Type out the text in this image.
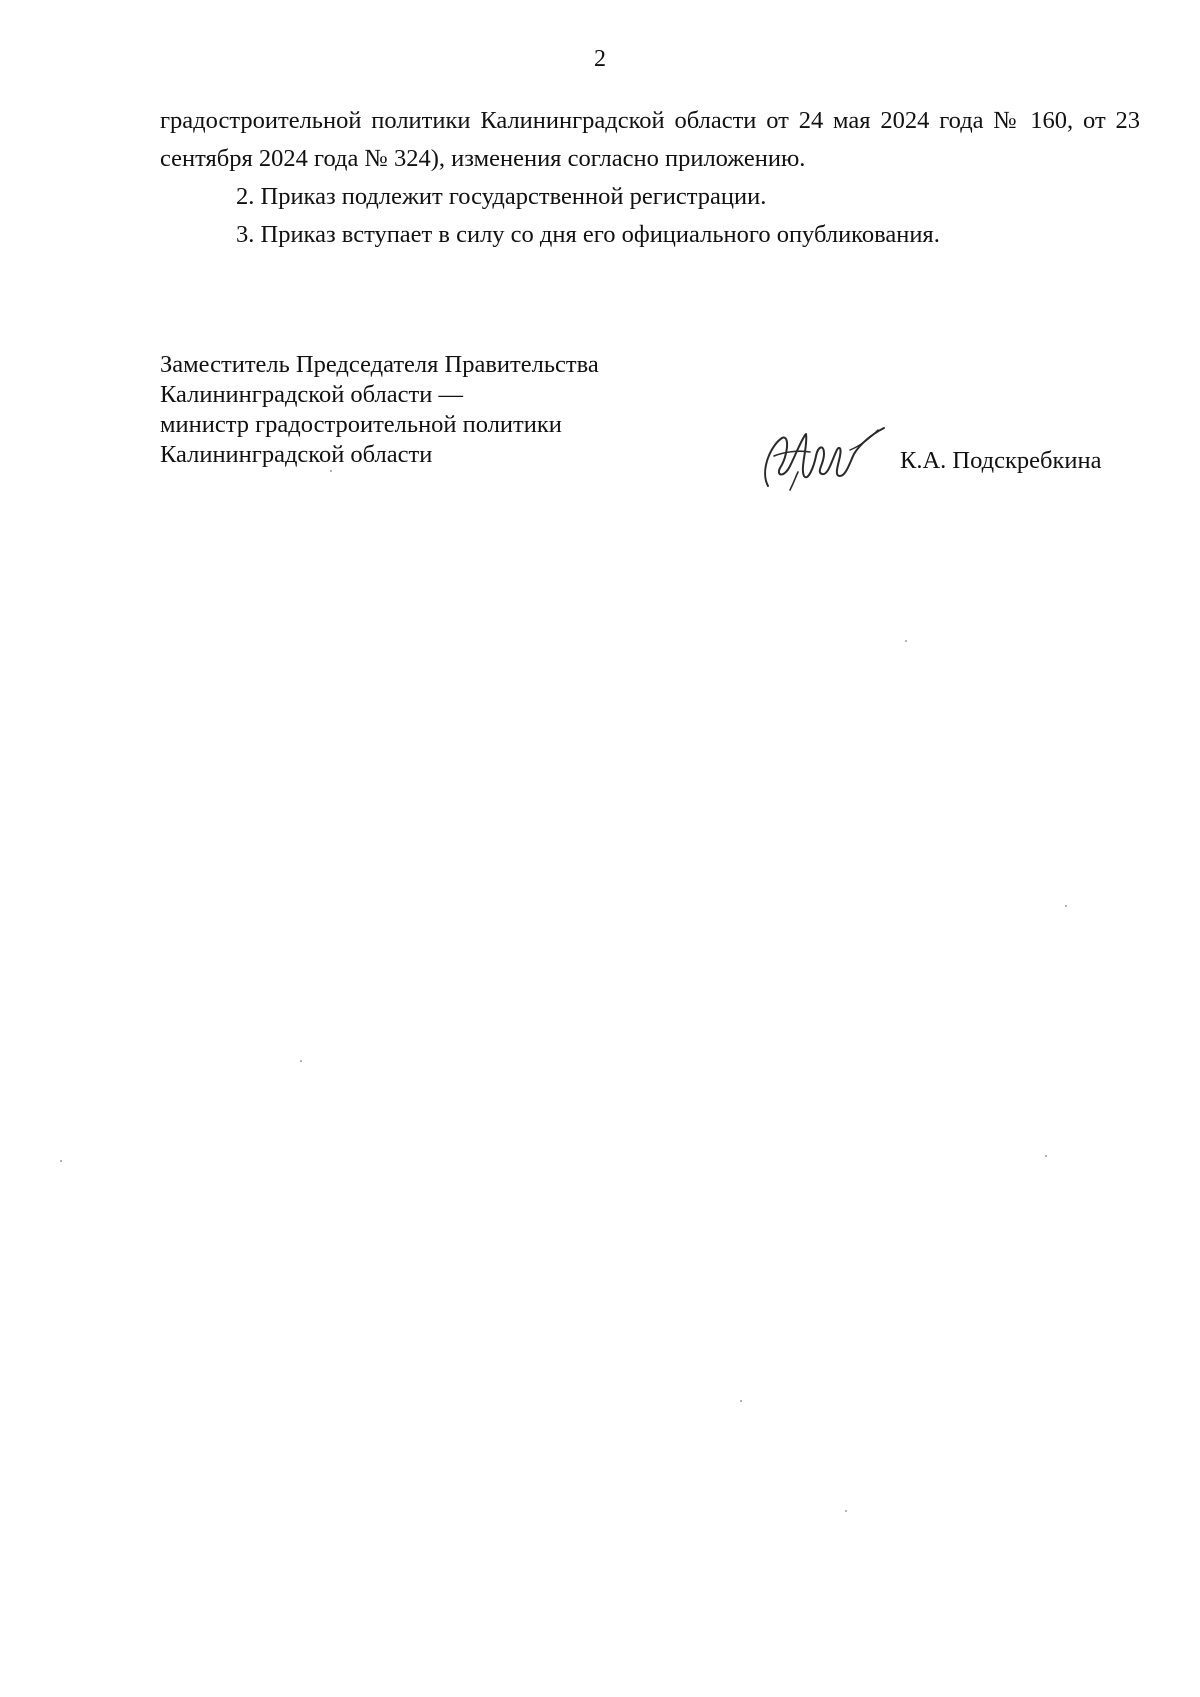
2

градостроительной политики Калининградской области от 24 мая 2024 года № 160, от 23 сентября 2024 года № 324), изменения согласно приложению.

2. Приказ подлежит государственной регистрации.

3. Приказ вступает в силу со дня его официального опубликования.

Заместитель Председателя Правительства
Калининградской области —
министр градостроительной политики
Калининградской области	К.А. Подскребкина
